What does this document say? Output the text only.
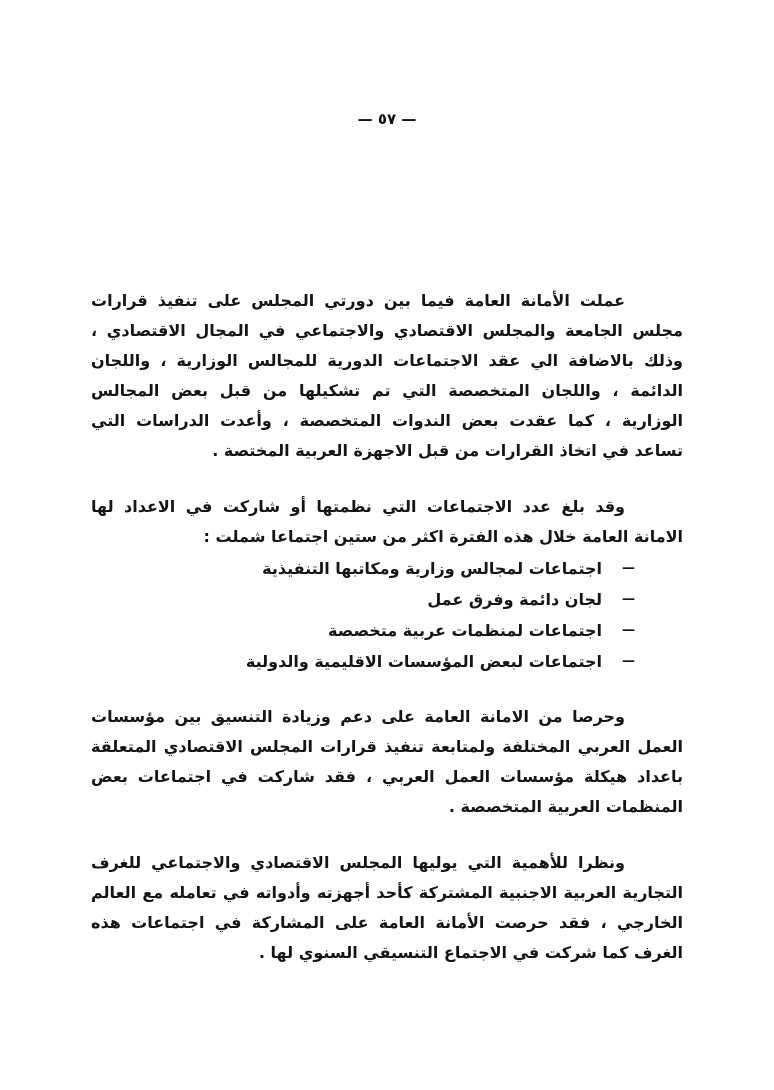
— ٥٧ —

عملت الأمانة العامة فيما بين دورتي المجلس على تنفيذ قرارات مجلس الجامعة والمجلس الاقتصادي والاجتماعي في المجال الاقتصادي ، وذلك بالاضافة الي عقد الاجتماعات الدورية للمجالس الوزارية ، واللجان الدائمة ، واللجان المتخصصة التي تم تشكيلها من قبل بعض المجالس الوزارية ، كما عقدت بعض الندوات المتخصصة ، وأعدت الدراسات التي تساعد في اتخاذ القرارات من قبل الاجهزة العربية المختصة .

وقد بلغ عدد الاجتماعات التي نظمتها أو شاركت في الاعداد لها الامانة العامة خلال هذه الفترة اكثر من ستين اجتماعا شملت :

—
اجتماعات لمجالس وزارية ومكاتبها التنفيذية
—
لجان دائمة وفرق عمل
—
اجتماعات لمنظمات عربية متخصصة
—
اجتماعات لبعض المؤسسات الاقليمية والدولية

وحرصا من الامانة العامة على دعم وزيادة التنسيق بين مؤسسات العمل العربي المختلفة ولمتابعة تنفيذ قرارات المجلس الاقتصادي المتعلقة باعداد هيكلة مؤسسات العمل العربي ، فقد شاركت في اجتماعات بعض المنظمات العربية المتخصصة .

ونظرا للأهمية التي يوليها المجلس الاقتصادي والاجتماعي للغرف التجارية العربية الاجنبية المشتركة كأحد أجهزته وأدواته في تعامله مع العالم الخارجي ، فقد حرصت الأمانة العامة على المشاركة في اجتماعات هذه الغرف كما شركت في الاجتماع التنسيقي السنوي لها .
